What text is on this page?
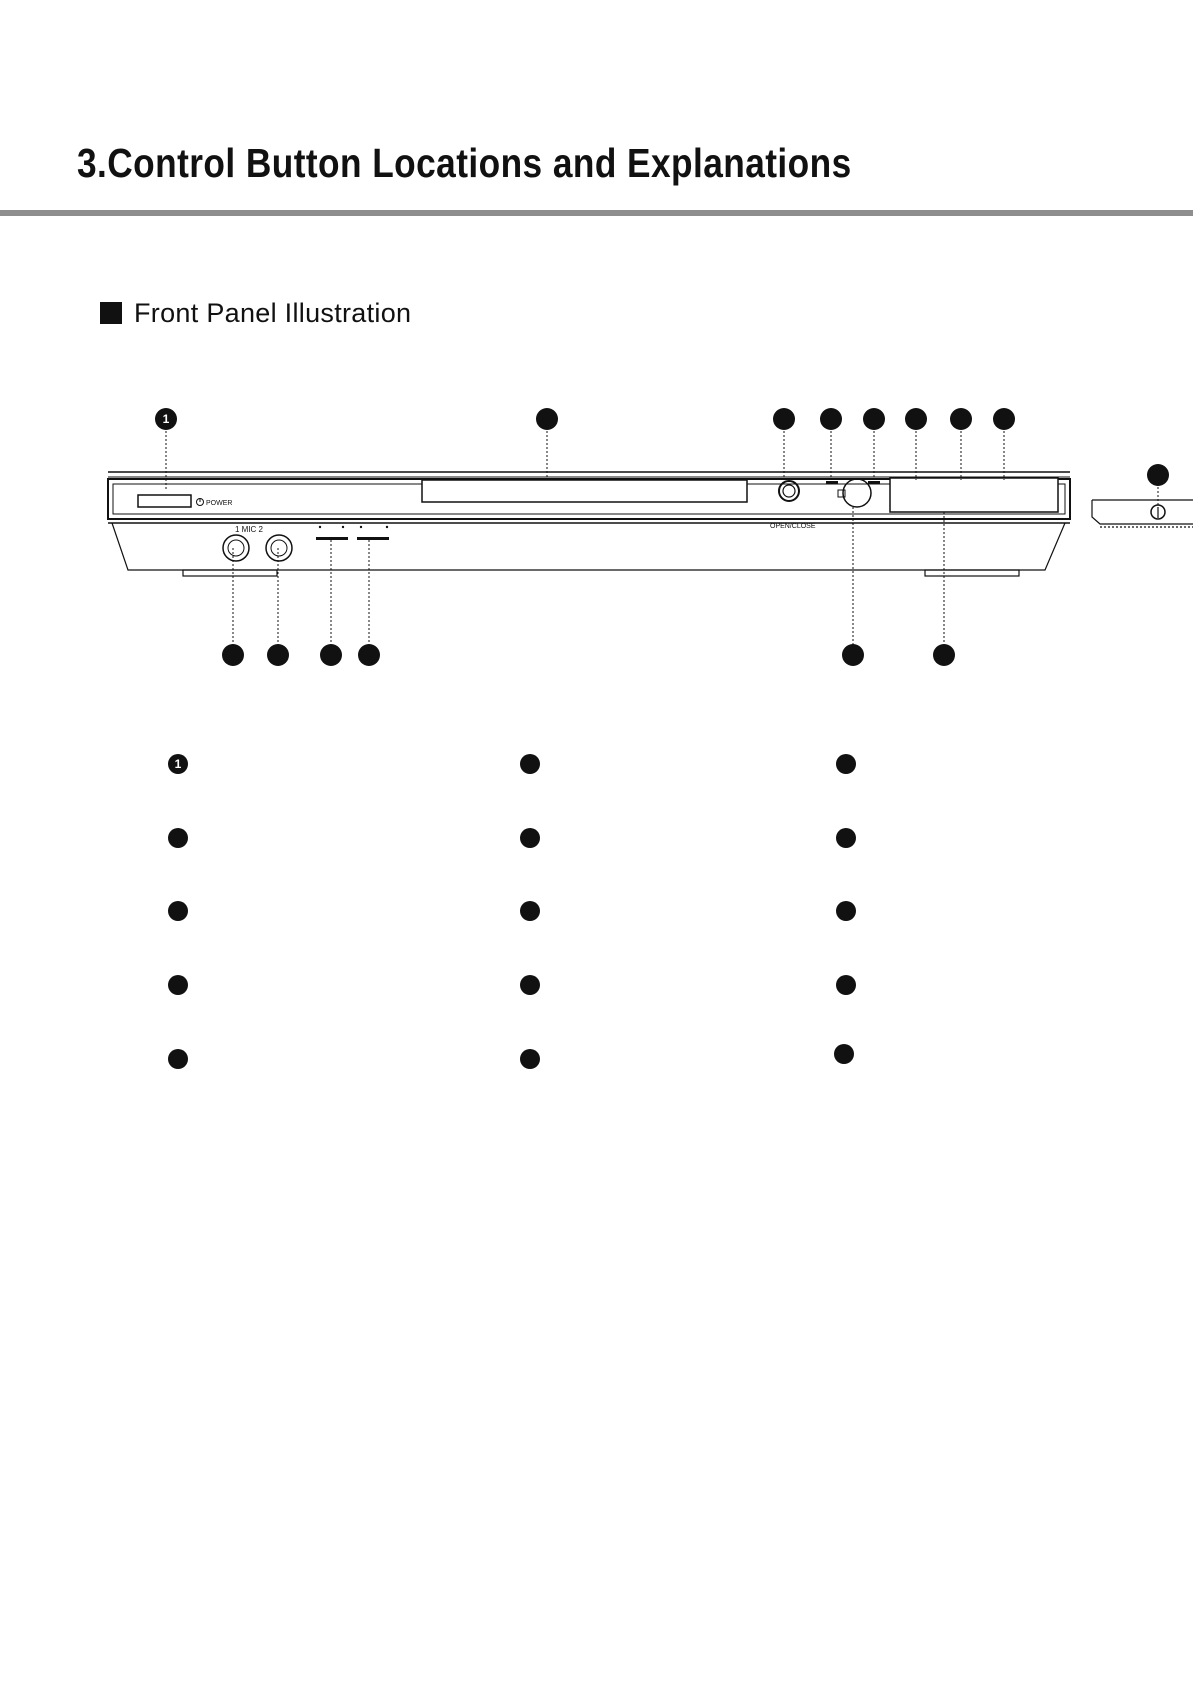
3.Control Button Locations and Explanations
Front Panel Illustration
POWER
1 MIC 2	OPEN/CLOSE
1
1
